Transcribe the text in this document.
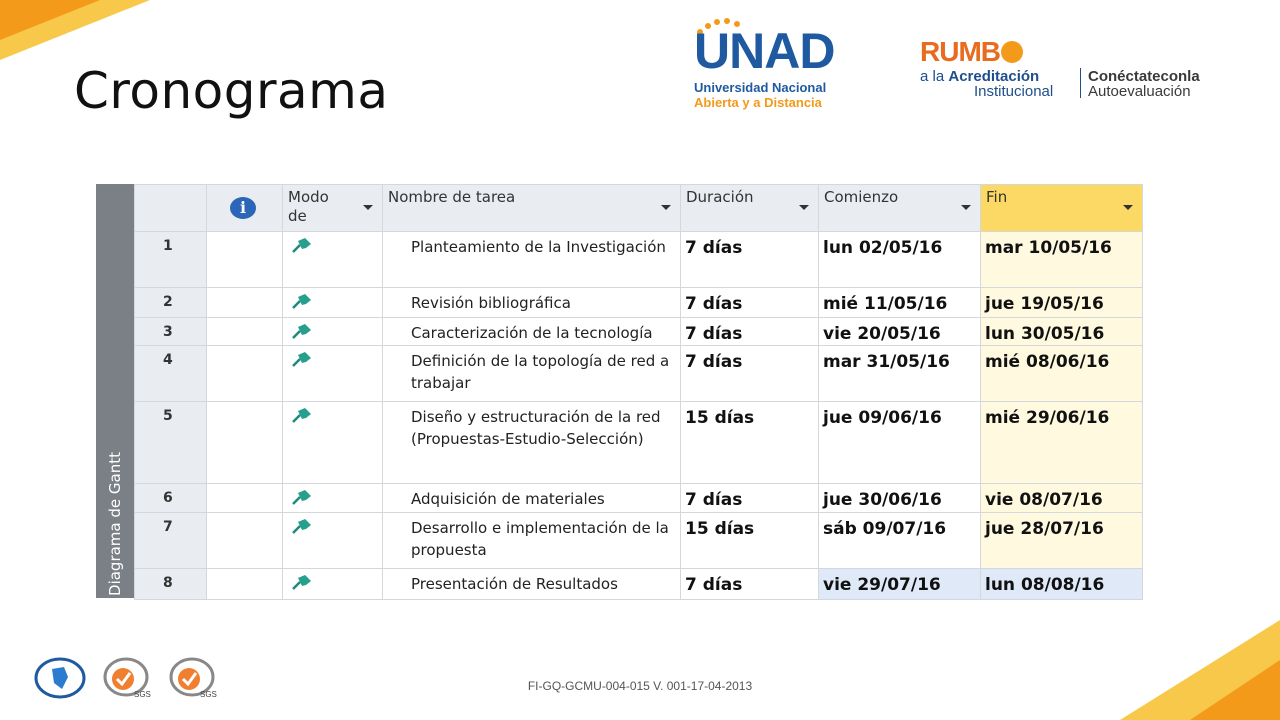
Cronograma
UNAD
Universidad Nacional
Abierta y a Distancia
RUMB
a la Acreditación
Institucional
Conéctateconla
Autoevaluación
Diagrama de Gantt

	i	Modo de	Nombre de tarea	Duración	Comienzo	Fin

1			Planteamiento de la Investigación	7 días	lun 02/05/16	mar 10/05/16

2			Revisión bibliográfica	7 días	mié 11/05/16	jue 19/05/16

3			Caracterización de la tecnología	7 días	vie 20/05/16	lun 30/05/16

4			Definición de la topología de red a trabajar	7 días	mar 31/05/16	mié 08/06/16

5			Diseño y estructuración de la red (Propuestas-Estudio-Selección)	15 días	jue 09/06/16	mié 29/06/16

6			Adquisición de materiales	7 días	jue 30/06/16	vie 08/07/16

7			Desarrollo e implementación de la propuesta	15 días	sáb 09/07/16	jue 28/07/16

8			Presentación de Resultados	7 días	vie 29/07/16	lun 08/08/16
SGS	SGS
FI-GQ-GCMU-004-015 V. 001-17-04-2013
